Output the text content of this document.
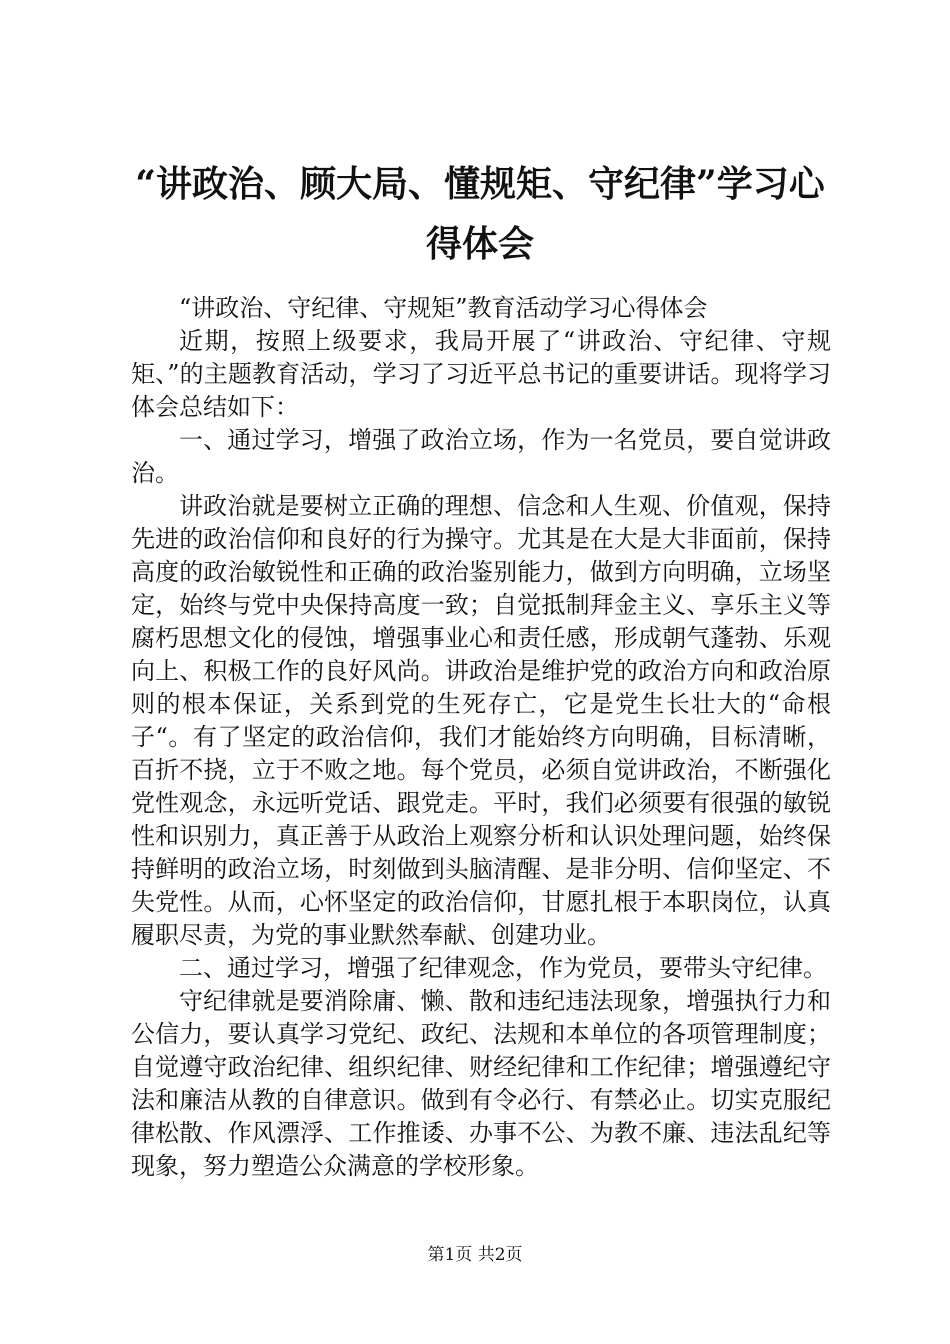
“讲政治、顾大局、懂规矩、守纪律”学习心
得体会

“讲政治、守纪律、守规矩”教育活动学习心得体会

近期，按照上级要求，我局开展了“讲政治、守纪律、守规矩、”的主题教育活动，学习了习近平总书记的重要讲话。现将学习体会总结如下：

一、通过学习，增强了政治立场，作为一名党员，要自觉讲政治。

讲政治就是要树立正确的理想、信念和人生观、价值观，保持先进的政治信仰和良好的行为操守。尤其是在大是大非面前，保持高度的政治敏锐性和正确的政治鉴别能力，做到方向明确，立场坚定，始终与党中央保持高度一致；自觉抵制拜金主义、享乐主义等腐朽思想文化的侵蚀，增强事业心和责任感，形成朝气蓬勃、乐观向上、积极工作的良好风尚。讲政治是维护党的政治方向和政治原则的根本保证，关系到党的生死存亡，它是党生长壮大的“命根子“。有了坚定的政治信仰，我们才能始终方向明确，目标清晰，百折不挠，立于不败之地。每个党员，必须自觉讲政治，不断强化党性观念，永远听党话、跟党走。平时，我们必须要有很强的敏锐性和识别力，真正善于从政治上观察分析和认识处理问题，始终保持鲜明的政治立场，时刻做到头脑清醒、是非分明、信仰坚定、不失党性。从而，心怀坚定的政治信仰，甘愿扎根于本职岗位，认真履职尽责，为党的事业默然奉献、创建功业。

二、通过学习，增强了纪律观念，作为党员，要带头守纪律。

守纪律就是要消除庸、懒、散和违纪违法现象，增强执行力和公信力，要认真学习党纪、政纪、法规和本单位的各项管理制度；自觉遵守政治纪律、组织纪律、财经纪律和工作纪律；增强遵纪守法和廉洁从教的自律意识。做到有令必行、有禁必止。切实克服纪律松散、作风漂浮、工作推诿、办事不公、为教不廉、违法乱纪等现象，努力塑造公众满意的学校形象。

第1页 共2页
